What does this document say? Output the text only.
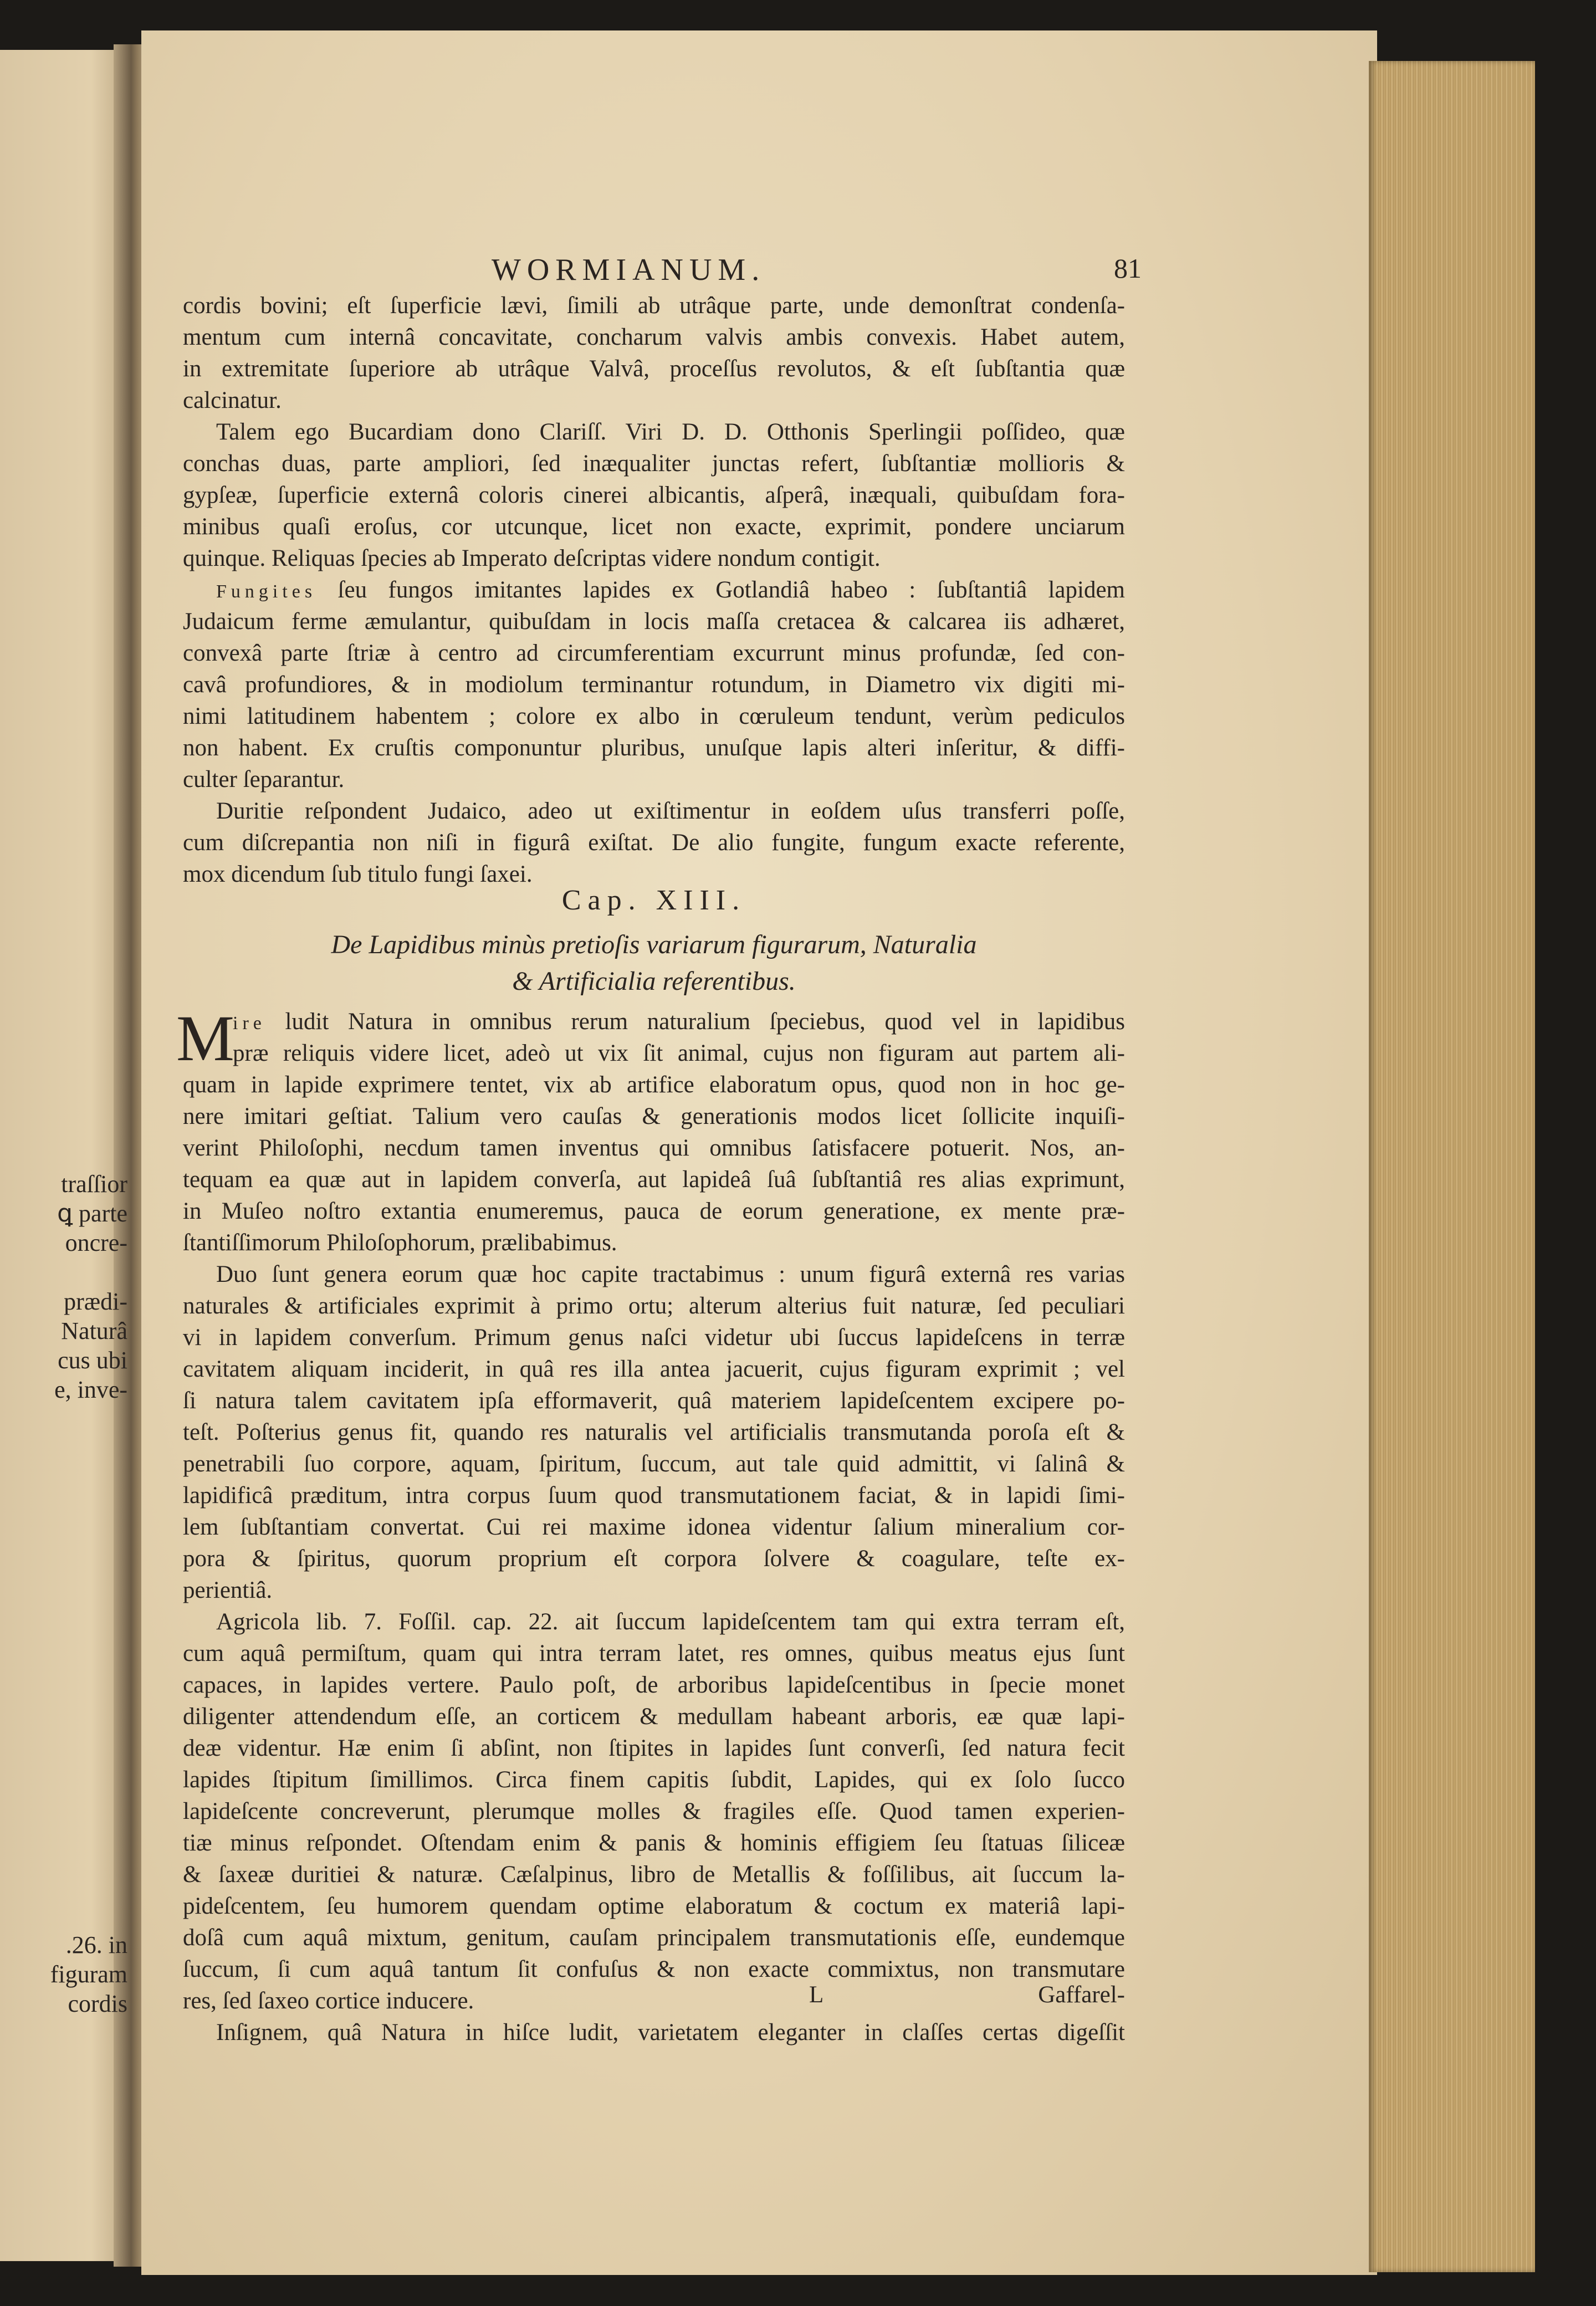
traſſior
ꝗ parte
oncre-

prædi-
Naturâ
cus ubi
e, inve-
.26. in
figuram
cordis
WORMIANUM.	81
cordis bovini; eſt ſuperficie lævi, ſimili ab utrâque parte, unde demonſtrat condenſa-
mentum cum internâ concavitate, concharum valvis ambis convexis. Habet autem,
in extremitate ſuperiore ab utrâque Valvâ, proceſſus revolutos, & eſt ſubſtantia quæ
calcinatur.
Talem ego Bucardiam dono Clariſſ. Viri D. D. Otthonis Sperlingii poſſideo, quæ
conchas duas, parte ampliori, ſed inæqualiter junctas refert, ſubſtantiæ mollioris &
gypſeæ, ſuperficie externâ coloris cinerei albicantis, aſperâ, inæquali, quibuſdam fora-
minibus quaſi eroſus, cor utcunque, licet non exacte, exprimit, pondere unciarum
quinque. Reliquas ſpecies ab Imperato deſcriptas videre nondum contigit.
Fungites ſeu fungos imitantes lapides ex Gotlandiâ habeo : ſubſtantiâ lapidem
Judaicum ferme æmulantur, quibuſdam in locis maſſa cretacea & calcarea iis adhæret,
convexâ parte ſtriæ à centro ad circumferentiam excurrunt minus profundæ, ſed con-
cavâ profundiores, & in modiolum terminantur rotundum, in Diametro vix digiti mi-
nimi latitudinem habentem ; colore ex albo in cœruleum tendunt, verùm pediculos
non habent. Ex cruſtis componuntur pluribus, unuſque lapis alteri inſeritur, & diffi-
culter ſeparantur.
Duritie reſpondent Judaico, adeo ut exiſtimentur in eoſdem uſus transferri poſſe,
cum diſcrepantia non niſi in figurâ exiſtat. De alio fungite, fungum exacte referente,
mox dicendum ſub titulo fungi ſaxei.
Cap. XIII.
De Lapidibus minùs pretioſis variarum figurarum, Naturalia
& Artificialia referentibus.
M
ire ludit Natura in omnibus rerum naturalium ſpeciebus, quod vel in lapidibus
præ reliquis videre licet, adeò ut vix ſit animal, cujus non figuram aut partem ali-
quam in lapide exprimere tentet, vix ab artifice elaboratum opus, quod non in hoc ge-
nere imitari geſtiat. Talium vero cauſas & generationis modos licet ſollicite inquiſi-
verint Philoſophi, necdum tamen inventus qui omnibus ſatisfacere potuerit. Nos, an-
tequam ea quæ aut in lapidem converſa, aut lapideâ ſuâ ſubſtantiâ res alias exprimunt,
in Muſeo noſtro extantia enumeremus, pauca de eorum generatione, ex mente præ-
ſtantiſſimorum Philoſophorum, prælibabimus.
Duo ſunt genera eorum quæ hoc capite tractabimus : unum figurâ externâ res varias
naturales & artificiales exprimit à primo ortu; alterum alterius fuit naturæ, ſed peculiari
vi in lapidem converſum. Primum genus naſci videtur ubi ſuccus lapideſcens in terræ
cavitatem aliquam inciderit, in quâ res illa antea jacuerit, cujus figuram exprimit ; vel
ſi natura talem cavitatem ipſa efformaverit, quâ materiem lapideſcentem excipere po-
teſt. Poſterius genus fit, quando res naturalis vel artificialis transmutanda poroſa eſt &
penetrabili ſuo corpore, aquam, ſpiritum, ſuccum, aut tale quid admittit, vi ſalinâ &
lapidificâ præditum, intra corpus ſuum quod transmutationem faciat, & in lapidi ſimi-
lem ſubſtantiam convertat. Cui rei maxime idonea videntur ſalium mineralium cor-
pora & ſpiritus, quorum proprium eſt corpora ſolvere & coagulare, teſte ex-
perientiâ.
Agricola lib. 7. Foſſil. cap. 22. ait ſuccum lapideſcentem tam qui extra terram eſt,
cum aquâ permiſtum, quam qui intra terram latet, res omnes, quibus meatus ejus ſunt
capaces, in lapides vertere. Paulo poſt, de arboribus lapideſcentibus in ſpecie monet
diligenter attendendum eſſe, an corticem & medullam habeant arboris, eæ quæ lapi-
deæ videntur. Hæ enim ſi abſint, non ſtipites in lapides ſunt converſi, ſed natura fecit
lapides ſtipitum ſimillimos. Circa finem capitis ſubdit, Lapides, qui ex ſolo ſucco
lapideſcente concreverunt, plerumque molles & fragiles eſſe. Quod tamen experien-
tiæ minus reſpondet. Oſtendam enim & panis & hominis effigiem ſeu ſtatuas ſiliceæ
& ſaxeæ duritiei & naturæ. Cæſalpinus, libro de Metallis & foſſilibus, ait ſuccum la-
pideſcentem, ſeu humorem quendam optime elaboratum & coctum ex materiâ lapi-
doſâ cum aquâ mixtum, genitum, cauſam principalem transmutationis eſſe, eundemque
ſuccum, ſi cum aquâ tantum ſit confuſus & non exacte commixtus, non transmutare
res, ſed ſaxeo cortice inducere.
Inſignem, quâ Natura in hiſce ludit, varietatem eleganter in claſſes certas digeſſit
L	Gaffarel-
